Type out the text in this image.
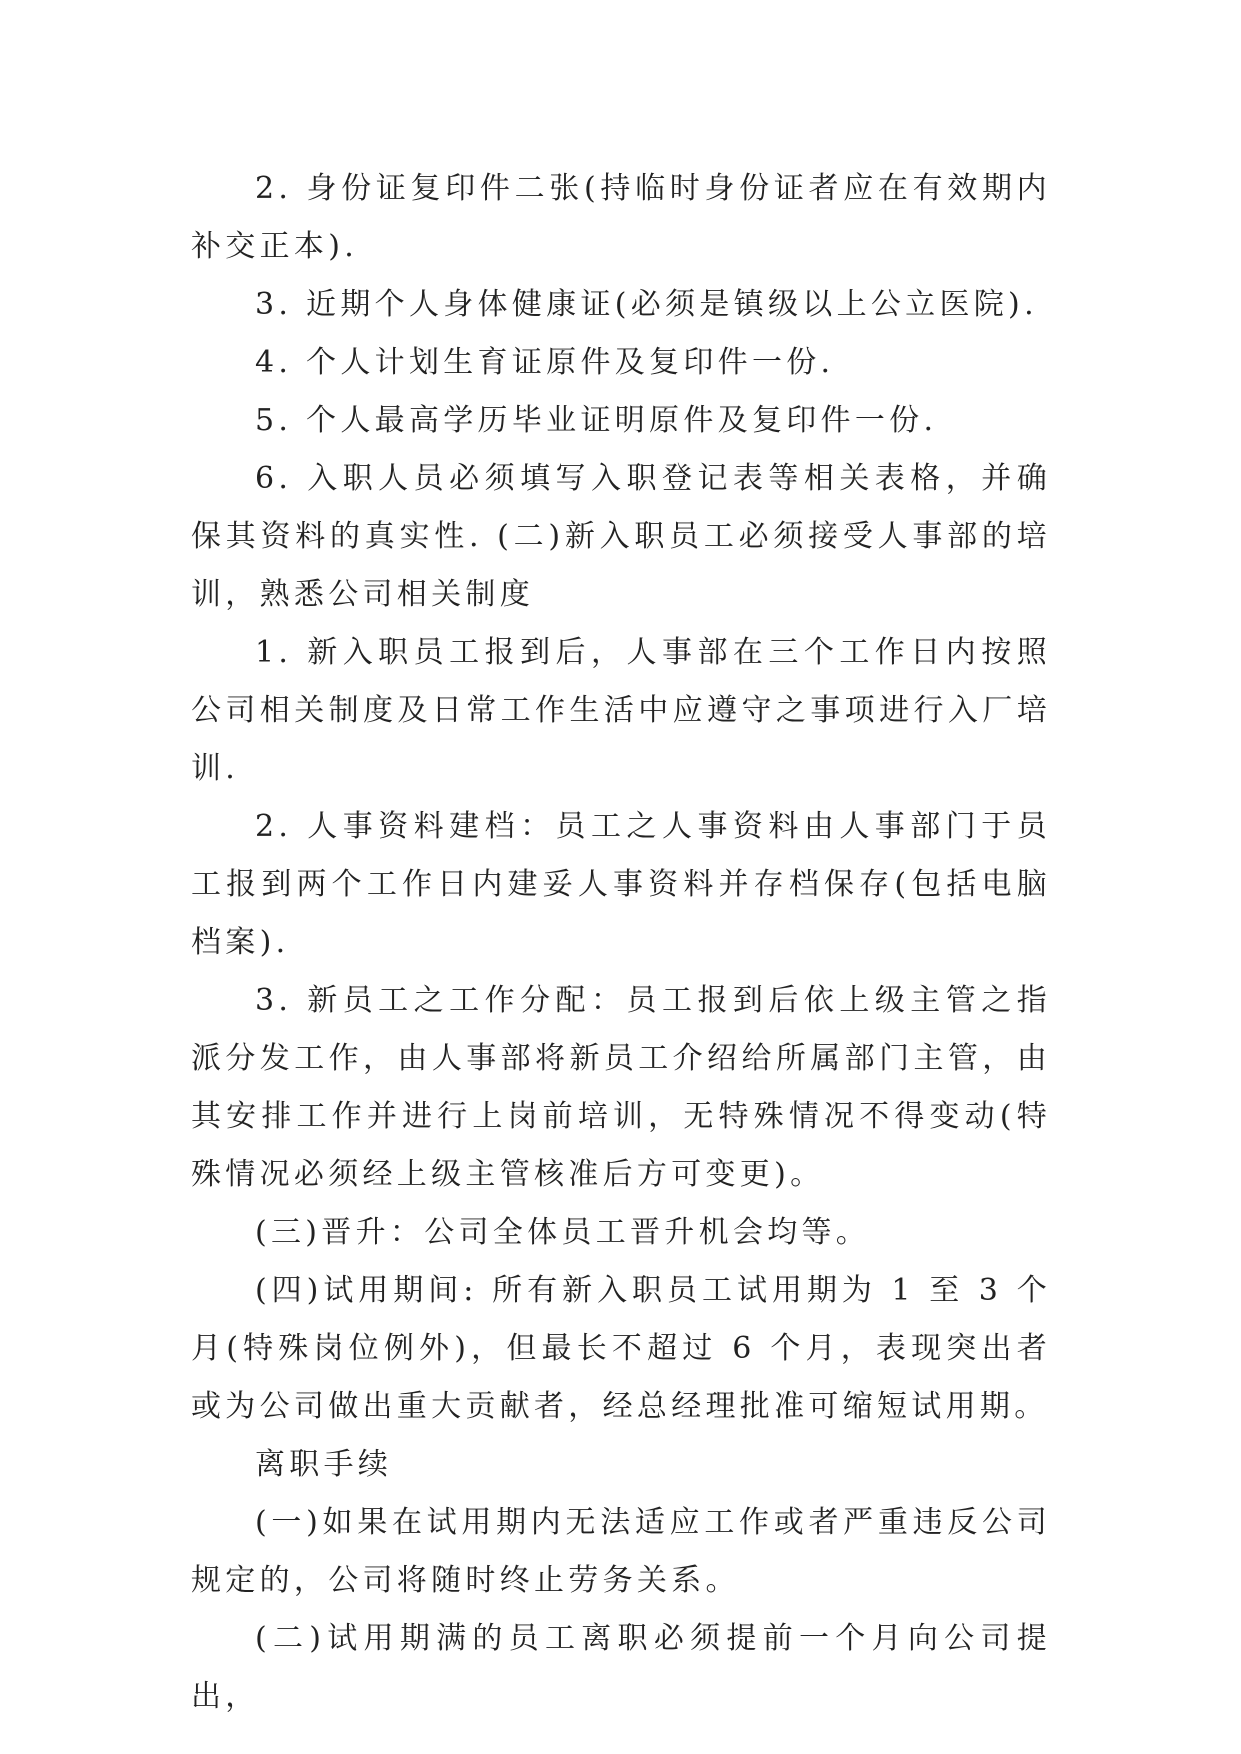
2. 身份证复印件二张(持临时身份证者应在有效期内补交正本).

3. 近期个人身体健康证(必须是镇级以上公立医院).

4. 个人计划生育证原件及复印件一份.

5. 个人最高学历毕业证明原件及复印件一份.

6. 入职人员必须填写入职登记表等相关表格，并确保其资料的真实性. (二)新入职员工必须接受人事部的培训，熟悉公司相关制度

1. 新入职员工报到后，人事部在三个工作日内按照公司相关制度及日常工作生活中应遵守之事项进行入厂培训.

2. 人事资料建档：员工之人事资料由人事部门于员工报到两个工作日内建妥人事资料并存档保存(包括电脑档案).

3. 新员工之工作分配：员工报到后依上级主管之指派分发工作，由人事部将新员工介绍给所属部门主管，由其安排工作并进行上岗前培训，无特殊情况不得变动(特殊情况必须经上级主管核准后方可变更)。

(三)晋升：公司全体员工晋升机会均等。

(四)试用期间: 所有新入职员工试用期为 1 至 3 个月(特殊岗位例外)，但最长不超过 6 个月，表现突出者或为公司做出重大贡献者，经总经理批准可缩短试用期。

离职手续

(一)如果在试用期内无法适应工作或者严重违反公司规定的，公司将随时终止劳务关系。

(二)试用期满的员工离职必须提前一个月向公司提出，
